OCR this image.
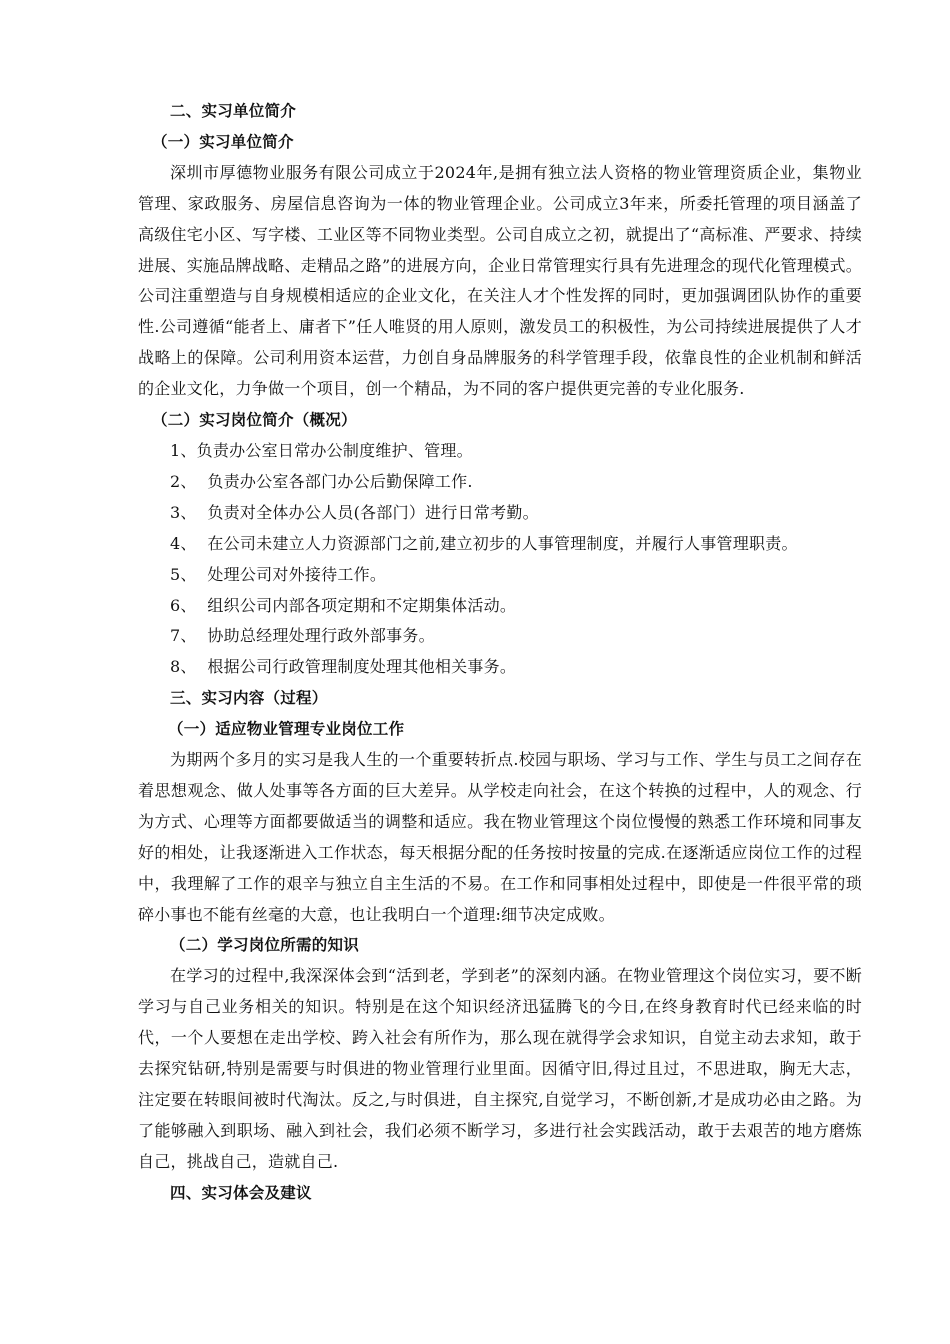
二、实习单位简介
（一）实习单位简介

深圳市厚德物业服务有限公司成立于2024年,是拥有独立法人资格的物业管理资质企业，集物业管理、家政服务、房屋信息咨询为一体的物业管理企业。公司成立3年来，所委托管理的项目涵盖了高级住宅小区、写字楼、工业区等不同物业类型。公司自成立之初，就提出了“高标准、严要求、持续进展、实施品牌战略、走精品之路”的进展方向，企业日常管理实行具有先进理念的现代化管理模式。 公司注重塑造与自身规模相适应的企业文化，在关注人才个性发挥的同时，更加强调团队协作的重要性.公司遵循“能者上、庸者下”任人唯贤的用人原则，激发员工的积极性，为公司持续进展提供了人才战略上的保障。公司利用资本运营，力创自身品牌服务的科学管理手段，依靠良性的企业机制和鲜活的企业文化，力争做一个项目，创一个精品，为不同的客户提供更完善的专业化服务.

（二）实习岗位简介（概况）
1、负责办公室日常办公制度维护、管理。
2、  负责办公室各部门办公后勤保障工作.
3、  负责对全体办公人员(各部门）进行日常考勤。
4、  在公司未建立人力资源部门之前,建立初步的人事管理制度，并履行人事管理职责。
5、  处理公司对外接待工作。
6、  组织公司内部各项定期和不定期集体活动。
7、  协助总经理处理行政外部事务。
8、  根据公司行政管理制度处理其他相关事务。
三、实习内容（过程）
（一）适应物业管理专业岗位工作

为期两个多月的实习是我人生的一个重要转折点.校园与职场、学习与工作、学生与员工之间存在着思想观念、做人处事等各方面的巨大差异。从学校走向社会，在这个转换的过程中，人的观念、行为方式、心理等方面都要做适当的调整和适应。我在物业管理这个岗位慢慢的熟悉工作环境和同事友好的相处，让我逐渐进入工作状态，每天根据分配的任务按时按量的完成.在逐渐适应岗位工作的过程中，我理解了工作的艰辛与独立自主生活的不易。在工作和同事相处过程中，即使是一件很平常的琐碎小事也不能有丝毫的大意，也让我明白一个道理:细节决定成败。

（二）学习岗位所需的知识

在学习的过程中,我深深体会到“活到老，学到老”的深刻内涵。在物业管理这个岗位实习，要不断学习与自己业务相关的知识。特别是在这个知识经济迅猛腾飞的今日,在终身教育时代已经来临的时代，一个人要想在走出学校、跨入社会有所作为，那么现在就得学会求知识，自觉主动去求知，敢于去探究钻研,特别是需要与时俱进的物业管理行业里面。因循守旧,得过且过，不思进取，胸无大志，注定要在转眼间被时代淘汰。反之,与时俱进，自主探究,自觉学习，不断创新,才是成功必由之路。为了能够融入到职场、融入到社会，我们必须不断学习，多进行社会实践活动，敢于去艰苦的地方磨炼自己，挑战自己，造就自己.

四、实习体会及建议
